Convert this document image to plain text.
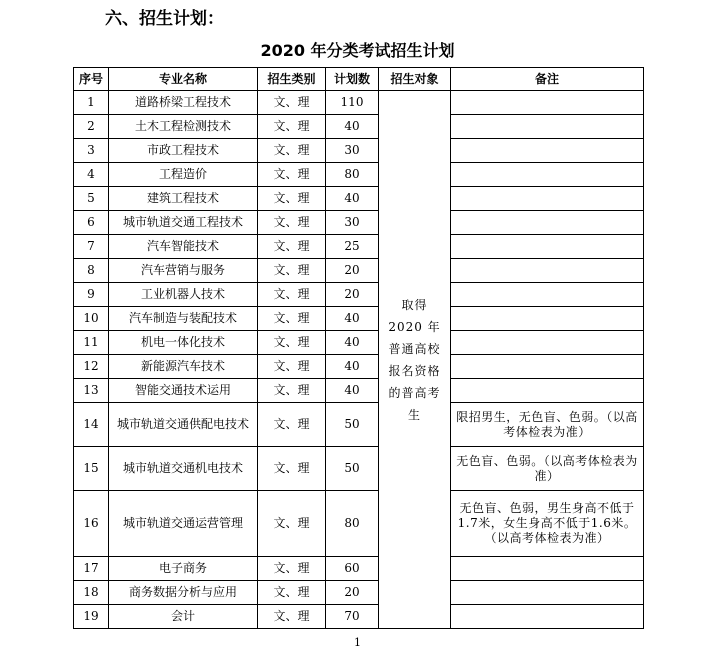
六、招生计划：
2020 年分类考试招生计划
序号	专业名称	招生类别	计划数	招生对象	备注
1	道路桥梁工程技术	文、理	110	取得 2020 年普通高校报名资格的普高考生	
2	土木工程检测技术	文、理	40		
3	市政工程技术	文、理	30		
4	工程造价	文、理	80		
5	建筑工程技术	文、理	40		
6	城市轨道交通工程技术	文、理	30		
7	汽车智能技术	文、理	25		
8	汽车营销与服务	文、理	20		
9	工业机器人技术	文、理	20		
10	汽车制造与装配技术	文、理	40		
11	机电一体化技术	文、理	40		
12	新能源汽车技术	文、理	40		
13	智能交通技术运用	文、理	40		
14	城市轨道交通供配电技术	文、理	50		限招男生，无色盲、色弱。（以高考体检表为准）
15	城市轨道交通机电技术	文、理	50		无色盲、色弱。（以高考体检表为准）
16	城市轨道交通运营管理	文、理	80		无色盲、色弱，男生身高不低于1.7米，女生身高不低于1.6米。（以高考体检表为准）
17	电子商务	文、理	60		
18	商务数据分析与应用	文、理	20		
19	会计	文、理	70		
1
